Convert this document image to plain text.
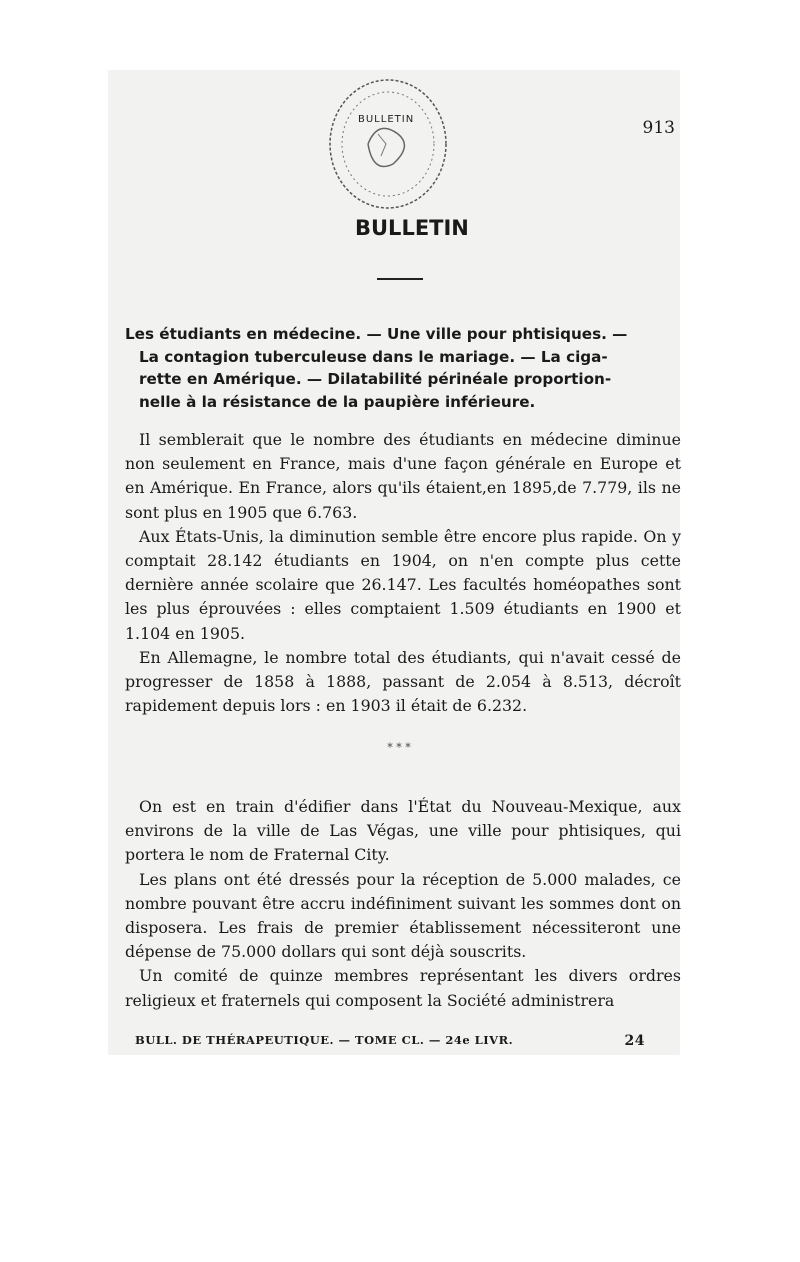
BULLETIN
BULLETIN
913
Les étudiants en médecine. — Une ville pour phtisiques. —
La contagion tuberculeuse dans le mariage. — La ciga-
rette en Amérique. — Dilatabilité périnéale proportion-
nelle à la résistance de la paupière inférieure.

Il semblerait que le nombre des étudiants en médecine diminue non seulement en France, mais d'une façon générale en Europe et en Amérique. En France, alors qu'ils étaient,en 1895,de 7.779, ils ne sont plus en 1905 que 6.763.

Aux États-Unis, la diminution semble être encore plus rapide. On y comptait 28.142 étudiants en 1904, on n'en compte plus cette dernière année scolaire que 26.147. Les facultés homéopathes sont les plus éprouvées : elles comptaient 1.509 étudiants en 1900 et 1.104 en 1905.

En Allemagne, le nombre total des étudiants, qui n'avait cessé de progresser de 1858 à 1888, passant de 2.054 à 8.513, décroît rapidement depuis lors : en 1903 il était de 6.232.

* * *

On est en train d'édifier dans l'État du Nouveau-Mexique, aux environs de la ville de Las Végas, une ville pour phtisiques, qui portera le nom de Fraternal City.

Les plans ont été dressés pour la réception de 5.000 malades, ce nombre pouvant être accru indéfiniment suivant les sommes dont on disposera. Les frais de premier établissement nécessiteront une dépense de 75.000 dollars qui sont déjà souscrits.

Un comité de quinze membres représentant les divers ordres religieux et fraternels qui composent la Société administrera

BULL. DE THÉRAPEUTIQUE. — TOME CL. — 24e LIVR.	24
